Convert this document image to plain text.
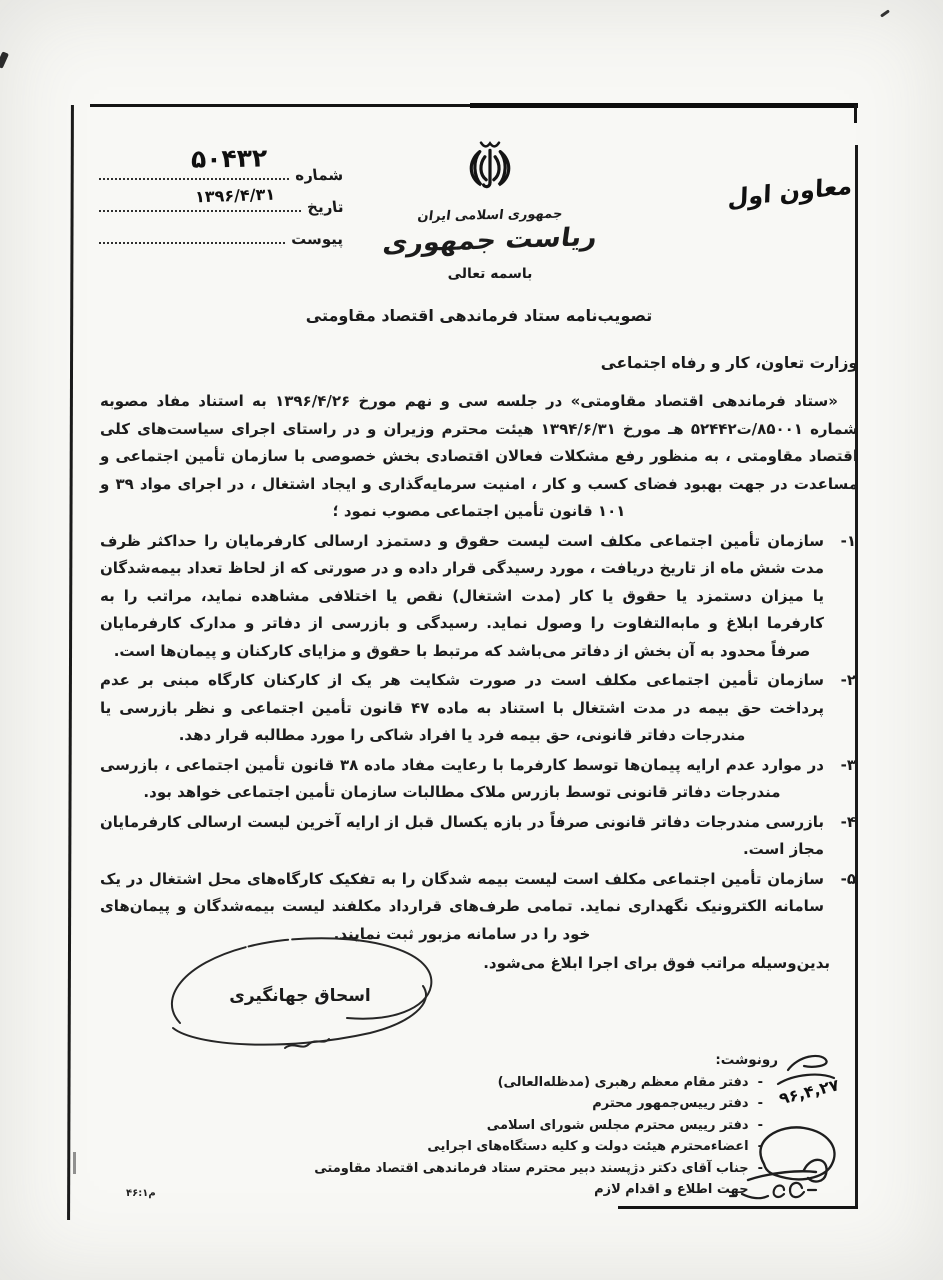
شماره
۵۰۴۳۲
تاریخ
۱۳۹۶/۴/۳۱
پیوست
جمهوری اسلامی ایران
ریاست جمهوری
باسمه تعالی
معاون اول
تصویب‌نامه ستاد فرماندهی اقتصاد مقاومتی
وزارت تعاون، کار و رفاه اجتماعی

«ستاد فرماندهی اقتصاد مقاومتی» در جلسه سی و نهم مورخ ۱۳۹۶/۴/۲۶ به استناد مفاد مصوبه شماره ۸۵۰۰۱/ت۵۲۴۴۲ هـ مورخ ۱۳۹۴/۶/۳۱ هیئت محترم وزیران و در راستای اجرای سیاست‌های کلی اقتصاد مقاومتی ، به منظور رفع مشکلات فعالان اقتصادی بخش خصوصی با سازمان تأمین اجتماعی و مساعدت در جهت بهبود فضای کسب و کار ، امنیت سرمایه‌گذاری و ایجاد اشتغال ، در اجرای مواد ۳۹ و ۱۰۱ قانون تأمین اجتماعی مصوب نمود ؛

۱-
سازمان تأمین اجتماعی مکلف است لیست حقوق و دستمزد ارسالی کارفرمایان را حداکثر ظرف مدت شش ماه از تاریخ دریافت ، مورد رسیدگی قرار داده و در صورتی که از لحاظ تعداد بیمه‌شدگان یا میزان دستمزد یا حقوق یا کار (مدت اشتغال) نقص یا اختلافی مشاهده نماید، مراتب را به کارفرما ابلاغ و مابه‌التفاوت را وصول نماید. رسیدگی و بازرسی از دفاتر و مدارک کارفرمایان صرفاً محدود به آن بخش از دفاتر می‌باشد که مرتبط با حقوق و مزایای کارکنان و پیمان‌ها است.
۲-
سازمان تأمین اجتماعی مکلف است در صورت شکایت هر یک از کارکنان کارگاه مبنی بر عدم پرداخت حق بیمه در مدت اشتغال با استناد به ماده ۴۷ قانون تأمین اجتماعی و نظر بازرسی یا مندرجات دفاتر قانونی، حق بیمه فرد یا افراد شاکی را مورد مطالبه قرار دهد.
۳-
در موارد عدم ارایه پیمان‌ها توسط کارفرما با رعایت مفاد ماده ۳۸ قانون تأمین اجتماعی ، بازرسی مندرجات دفاتر قانونی توسط بازرس ملاک مطالبات سازمان تأمین اجتماعی خواهد بود.
۴-
بازرسی مندرجات دفاتر قانونی صرفاً در بازه یکسال قبل از ارایه آخرین لیست ارسالی کارفرمایان مجاز است.
۵-
سازمان تأمین اجتماعی مکلف است لیست بیمه شدگان را به تفکیک کارگاه‌های محل اشتغال در یک سامانه الکترونیک نگهداری نماید. تمامی طرف‌های قرارداد مکلفند لیست بیمه‌شدگان و پیمان‌های خود را در سامانه مزبور ثبت نمایند.

بدین‌وسیله مراتب فوق برای اجرا ابلاغ می‌شود.

اسحاق جهانگیری
رونوشت:
-
دفتر مقام معظم رهبری (مدظله‌العالی)
-
دفتر رییس‌جمهور محترم
-
دفتر رییس محترم مجلس شورای اسلامی
-
اعضاءمحترم هیئت دولت و کلیه دستگاه‌های اجرایی
-
جناب آقای دکتر دژپسند دبیر محترم ستاد فرماندهی اقتصاد مقاومتی جهت اطلاع و اقدام لازم
۹۶,۴,۲۷
م۴۶:۱
